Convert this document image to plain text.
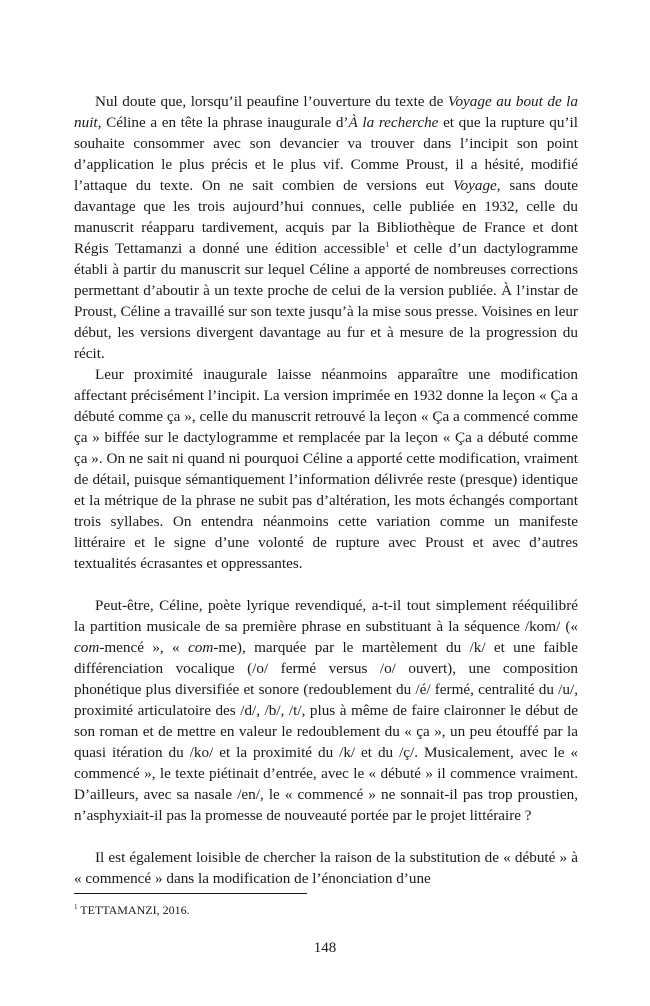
Nul doute que, lorsqu’il peaufine l’ouverture du texte de Voyage au bout de la nuit, Céline a en tête la phrase inaugurale d’À la recherche et que la rupture qu’il souhaite consommer avec son devancier va trouver dans l’incipit son point d’application le plus précis et le plus vif. Comme Proust, il a hésité, modifié l’attaque du texte. On ne sait combien de versions eut Voyage, sans doute davantage que les trois aujourd’hui connues, celle publiée en 1932, celle du manuscrit réapparu tardivement, acquis par la Bibliothèque de France et dont Régis Tettamanzi a donné une édition accessible$^1$ et celle d’un dactylogramme établi à partir du manuscrit sur lequel Céline a apporté de nombreuses corrections permettant d’aboutir à un texte proche de celui de la version publiée. À l’instar de Proust, Céline a travaillé sur son texte jusqu’à la mise sous presse. Voisines en leur début, les versions divergent davantage au fur et à mesure de la progression du récit.

Leur proximité inaugurale laisse néanmoins apparaître une modification affectant précisément l’incipit. La version imprimée en 1932 donne la leçon « Ça a débuté comme ça », celle du manuscrit retrouvé la leçon « Ça a commencé comme ça » biffée sur le dactylogramme et remplacée par la leçon « Ça a débuté comme ça ». On ne sait ni quand ni pourquoi Céline a apporté cette modification, vraiment de détail, puisque sémantiquement l’information délivrée reste (presque) identique et la métrique de la phrase ne subit pas d’altération, les mots échangés comportant trois syllabes. On entendra néanmoins cette variation comme un manifeste littéraire et le signe d’une volonté de rupture avec Proust et avec d’autres textualités écrasantes et oppressantes.

Peut-être, Céline, poète lyrique revendiqué, a-t-il tout simplement rééquilibré la partition musicale de sa première phrase en substituant à la séquence /kom/ (« com-mencé », « com-me), marquée par le martèlement du /k/ et une faible différenciation vocalique (/o/ fermé versus /o/ ouvert), une composition phonétique plus diversifiée et sonore (redoublement du /é/ fermé, centralité du /u/, proximité articulatoire des /d/, /b/, /t/, plus à même de faire claironner le début de son roman et de mettre en valeur le redoublement du « ça », un peu étouffé par la quasi itération du /ko/ et la proximité du /k/ et du /ç/. Musicalement, avec le « commencé », le texte piétinait d’entrée, avec le « débuté » il commence vraiment. D’ailleurs, avec sa nasale /en/, le « commencé » ne sonnait-il pas trop proustien, n’asphyxiait-il pas la promesse de nouveauté portée par le projet littéraire ?

Il est également loisible de chercher la raison de la substitution de « débuté » à « commencé » dans la modification de l’énonciation d’une

$^1$ TETTAMANZI, 2016.
148
